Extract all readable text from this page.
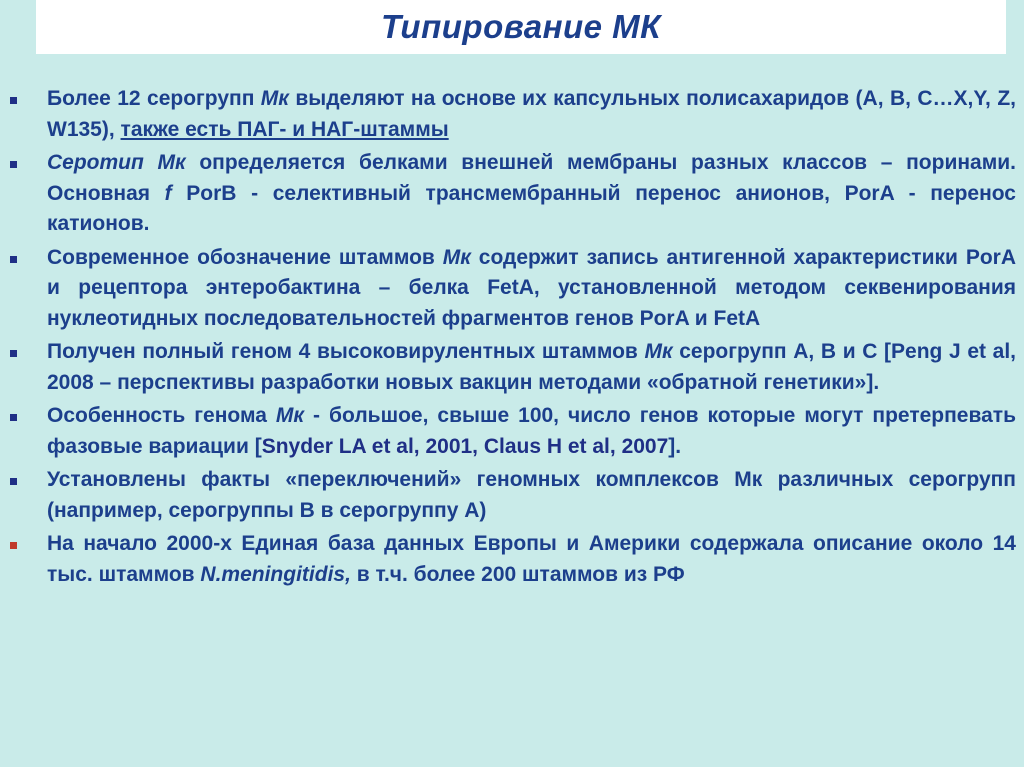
Типирование МК
Более 12 серогрупп Мк выделяют на основе их капсульных полисахаридов (A, B, C…X,Y, Z, W135), также есть ПАГ- и НАГ-штаммы
Серотип Мк определяется белками внешней мембраны разных классов – поринами. Основная f PorB - селективный трансмембранный перенос анионов, PorA - перенос катионов.
Современное обозначение штаммов Мк содержит запись антигенной характеристики PorA и рецептора энтеробактина – белка FetA, установленной методом секвенирования нуклеотидных последовательностей фрагментов генов PorA и FetA
Получен полный геном 4 высоковирулентных штаммов Мк серогрупп A, B и C [Peng J et al, 2008 – перспективы разработки новых вакцин методами «обратной генетики»].
Особенность генома Мк - большое, свыше 100, число генов которые могут претерпевать фазовые вариации [Snyder LA et al, 2001, Claus H et al, 2007].
Установлены факты «переключений» геномных комплексов Мк различных серогрупп (например, серогруппы В в серогруппу А)
На начало 2000-х Единая база данных Европы и Америки содержала описание около 14 тыс. штаммов N.meningitidis, в т.ч. более 200 штаммов из РФ
